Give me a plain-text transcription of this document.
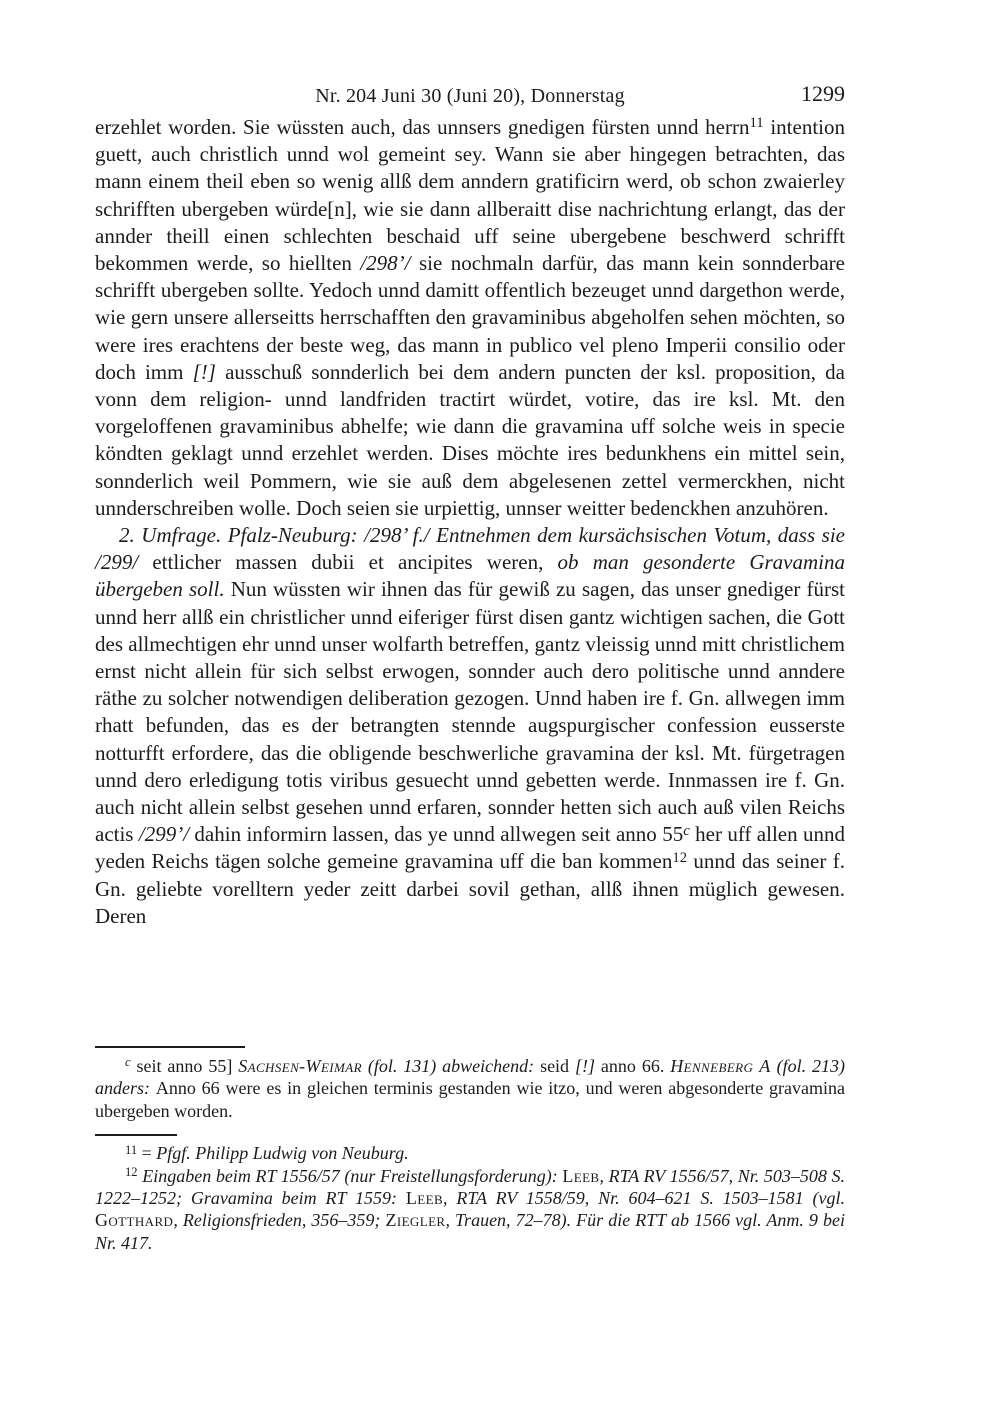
Nr. 204 Juni 30 (Juni 20), Donnerstag	1299

erzehlet worden. Sie wüssten auch, das unnsers gnedigen fürsten unnd herrn$^{11}$ intention guett, auch christlich unnd wol gemeint sey. Wann sie aber hingegen betrachten, das mann einem theil eben so wenig allß dem anndern gratificirn werd, ob schon zwaierley schrifften ubergeben würde[n], wie sie dann allberaitt dise nachrichtung erlangt, das der annder theill einen schlechten beschaid uff seine ubergebene beschwerd schrifft bekommen werde, so hiellten /298’/ sie nochmaln darfür, das mann kein sonnderbare schrifft ubergeben sollte. Yedoch unnd damitt offentlich bezeuget unnd dargethon werde, wie gern unsere allerseitts herrschafften den gravaminibus abgeholfen sehen möchten, so were ires erachtens der beste weg, das mann in publico vel pleno Imperii consilio oder doch imm [!] ausschuß sonnderlich bei dem andern puncten der ksl. proposition, da vonn dem religion- unnd landfriden tractirt würdet, votire, das ire ksl. Mt. den vorgeloffenen gravaminibus abhelfe; wie dann die gravamina uff solche weis in specie köndten geklagt unnd erzehlet werden. Dises möchte ires bedunkhens ein mittel sein, sonnderlich weil Pommern, wie sie auß dem abgelesenen zettel vermerckhen, nicht unnderschreiben wolle. Doch seien sie urpiettig, unnser weitter bedenckhen anzuhören.

2. Umfrage. Pfalz-Neuburg: /298’ f./ Entnehmen dem kursächsischen Votum, dass sie /299/ ettlicher massen dubii et ancipites weren, ob man gesonderte Gravamina übergeben soll. Nun wüssten wir ihnen das für gewiß zu sagen, das unser gnediger fürst unnd herr allß ein christlicher unnd eiferiger fürst disen gantz wichtigen sachen, die Gott des allmechtigen ehr unnd unser wolfarth betreffen, gantz vleissig unnd mitt christlichem ernst nicht allein für sich selbst erwogen, sonnder auch dero politische unnd anndere räthe zu solcher notwendigen deliberation gezogen. Unnd haben ire f. Gn. allwegen imm rhatt befunden, das es der betrangten stennde augspurgischer confession eusserste notturfft erfordere, das die obligende beschwerliche gravamina der ksl. Mt. fürgetragen unnd dero erledigung totis viribus gesuecht unnd gebetten werde. Innmassen ire f. Gn. auch nicht allein selbst gesehen unnd erfaren, sonnder hetten sich auch auß vilen Reichs actis /299’/ dahin informirn lassen, das ye unnd allwegen seit anno 55$^c$ her uff allen unnd yeden Reichs tägen solche gemeine gravamina uff die ban kommen$^{12}$ unnd das seiner f. Gn. geliebte vorelltern yeder zeitt darbei sovil gethan, allß ihnen müglich gewesen. Deren

$^c$ seit anno 55] Sachsen-Weimar (fol. 131) abweichend: seid [!] anno 66. Henneberg A (fol. 213) anders: Anno 66 were es in gleichen terminis gestanden wie itzo, und weren abgesonderte gravamina ubergeben worden.

$^{11}$ = Pfgf. Philipp Ludwig von Neuburg.

$^{12}$ Eingaben beim RT 1556/57 (nur Freistellungsforderung): Leeb, RTA RV 1556/57, Nr. 503–508 S. 1222–1252; Gravamina beim RT 1559: Leeb, RTA RV 1558/59, Nr. 604–621 S. 1503–1581 (vgl. Gotthard, Religionsfrieden, 356–359; Ziegler, Trauen, 72–78). Für die RTT ab 1566 vgl. Anm. 9 bei Nr. 417.
